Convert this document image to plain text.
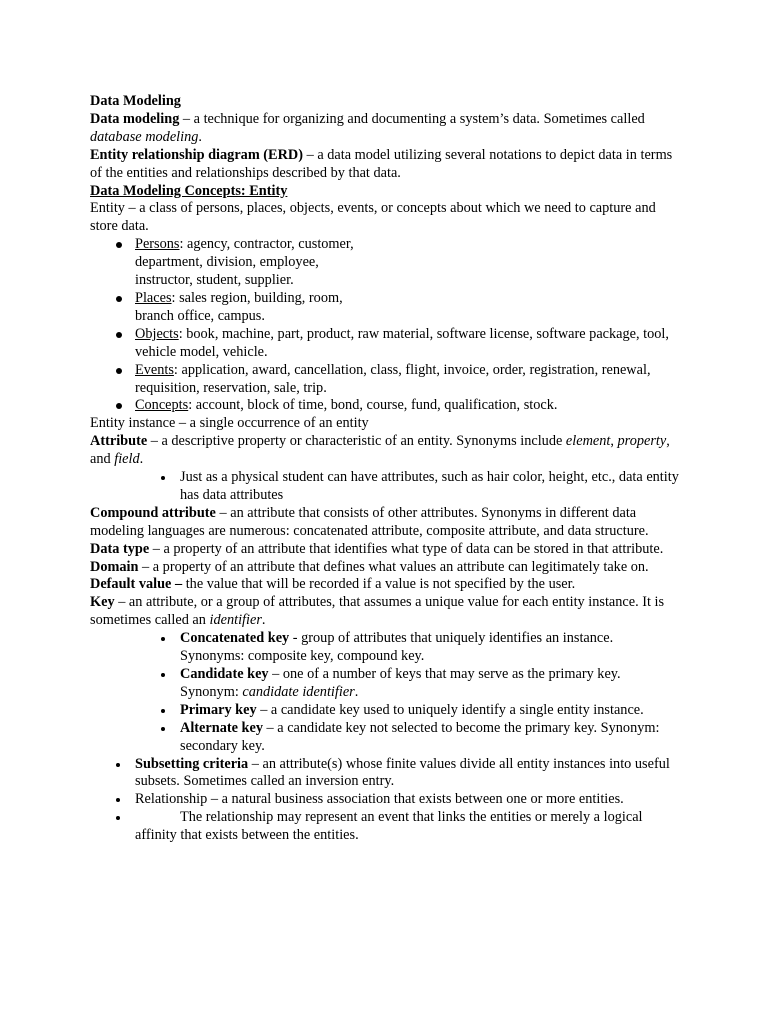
Data Modeling

Data modeling – a technique for organizing and documenting a system’s data. Sometimes called database modeling.

Entity relationship diagram (ERD) – a data model utilizing several notations to depict data in terms of the entities and relationships described by that data.

Data Modeling Concepts: Entity

Entity – a class of persons, places, objects, events, or concepts about which we need to capture and store data.

Persons: agency, contractor, customer,
department, division, employee,
instructor, student, supplier.
Places: sales region, building, room,
branch office, campus.
Objects: book, machine, part, product, raw material, software license, software package, tool, vehicle model, vehicle.
Events: application, award, cancellation, class, flight, invoice, order, registration, renewal, requisition, reservation, sale, trip.
Concepts: account, block of time, bond, course, fund, qualification, stock.

Entity instance – a single occurrence of an entity

Attribute – a descriptive property or characteristic of an entity. Synonyms include element, property, and field.

Just as a physical student can have attributes, such as hair color, height, etc., data entity has data attributes

Compound attribute – an attribute that consists of other attributes. Synonyms in different data modeling languages are numerous: concatenated attribute, composite attribute, and data structure.

Data type – a property of an attribute that identifies what type of data can be stored in that attribute.

Domain – a property of an attribute that defines what values an attribute can legitimately take on.

Default value – the value that will be recorded if a value is not specified by the user.

Key – an attribute, or a group of attributes, that assumes a unique value for each entity instance. It is sometimes called an identifier.

Concatenated key - group of attributes that uniquely identifies an instance. Synonyms: composite key, compound key.
Candidate key – one of a number of keys that may serve as the primary key. Synonym: candidate identifier.
Primary key – a candidate key used to uniquely identify a single entity instance.
Alternate key – a candidate key not selected to become the primary key. Synonym: secondary key.
Subsetting criteria – an attribute(s) whose finite values divide all entity instances into useful subsets. Sometimes called an inversion entry.
Relationship – a natural business association that exists between one or more entities.
The relationship may represent an event that links the entities or merely a logical affinity that exists between the entities.
